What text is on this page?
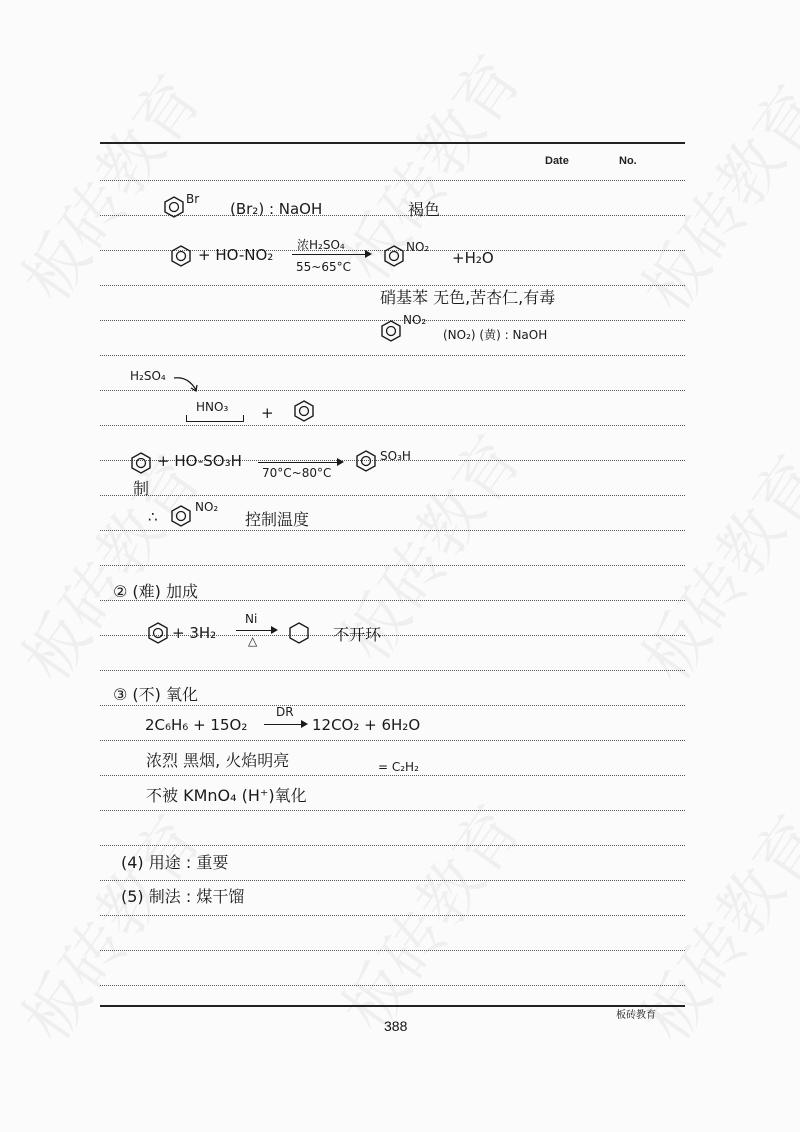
Date	No.
Br
(Br₂) : NaOH	褐色
+ HO-NO₂
浓H₂SO₄
55~65°C
NO₂
+H₂O
硝基苯 无色,苦杏仁,有毒
NO₂
(NO₂) (黄) : NaOH
H₂SO₄
HNO₃ +
+ HO-SO₃H
70°C~80°C
SO₃H
制
∴
NO₂
控制温度
② (难) 加成
+ 3H₂
Ni
△	不开环
③ (不) 氧化
2C₆H₆ + 15O₂
DR
→ 12CO₂ + 6H₂O
浓烈 黑烟, 火焰明亮	= C₂H₂
不被 KMnO₄ (H⁺)氧化
(4) 用途 : 重要
(5) 制法 : 煤干馏
板砖教育
388
